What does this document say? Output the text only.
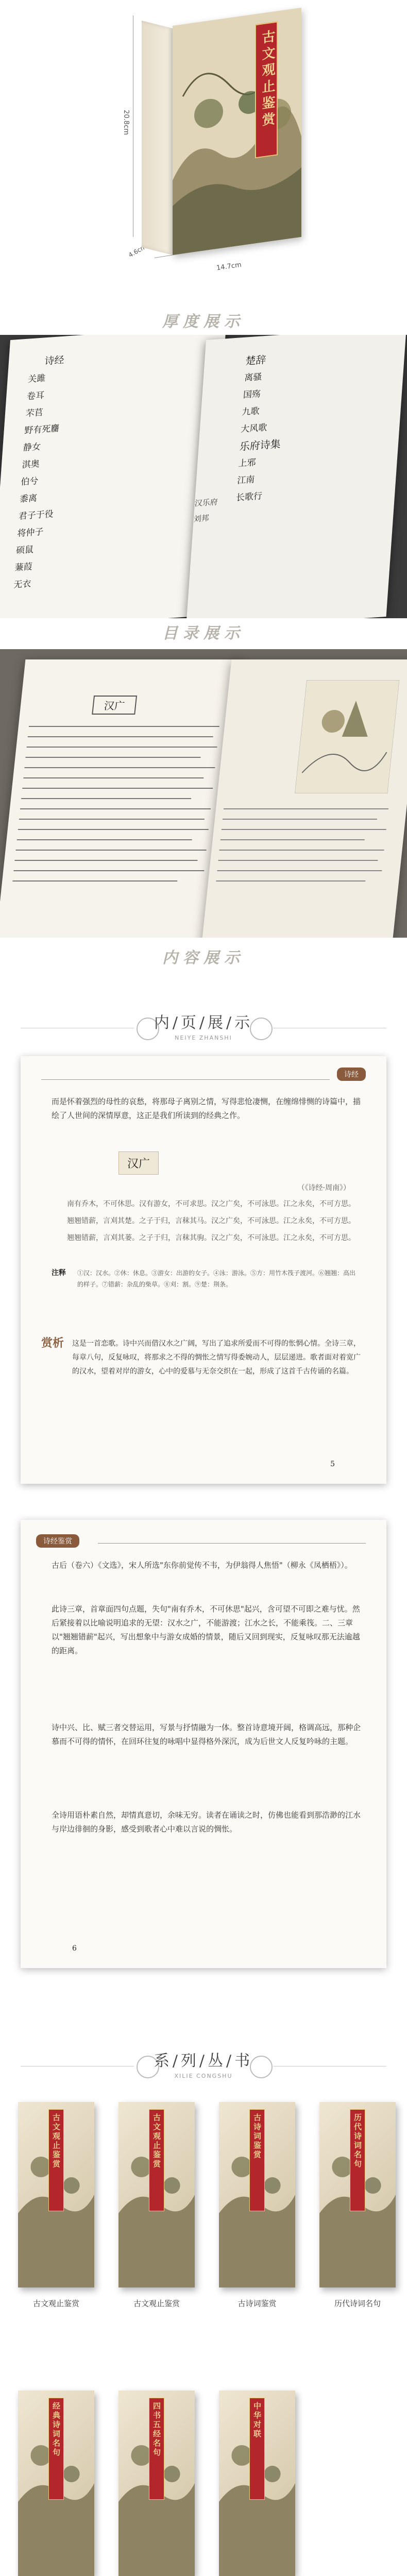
20.8cm
4.6cm
14.7cm
古文观止鉴赏
厚度展示
诗经
关雎
卷耳
芣苢
野有死麕
静女
淇奥
伯兮
黍离
君子于役
将仲子
硕鼠
蒹葭
无衣
楚辞
离骚
国殇
九歌
大风歌
乐府诗集
上邪
江南
长歌行
汉乐府
刘邦
目录展示
汉广
内容展示
内/页/展/示
NEIYE ZHANSHI
诗经
而是怀着强烈的母性的哀愁，将那母子离别之情，写得悲怆凄恻，在缠绵悱恻的诗篇中，描绘了人世间的深情厚意，这正是我们所读到的经典之作。
汉广
（《诗经·周南》）
南有乔木，不可休思。汉有游女，不可求思。汉之广矣，不可泳思。江之永矣，不可方思。
翘翘错薪，言刈其楚。之子于归，言秣其马。汉之广矣，不可泳思。江之永矣，不可方思。
翘翘错薪，言刈其蒌。之子于归，言秣其驹。汉之广矣，不可泳思。江之永矣，不可方思。
注释 ①汉：汉水。②休：休息。③游女：出游的女子。④泳：游泳。⑤方：用竹木筏子渡河。⑥翘翘：高出的样子。⑦错薪：杂乱的柴草。⑧刈：割。⑨楚：荆条。
赏析 这是一首恋歌。诗中兴而借汉水之广阔，写出了追求所爱而不可得的怅惘心情。全诗三章，每章八句，反复咏叹，将那求之不得的惆怅之情写得委婉动人，层层递进。歌者面对着宽广的汉水，望着对岸的游女，心中的爱慕与无奈交织在一起，形成了这首千古传诵的名篇。
5
诗经鉴赏
古后（卷六）《文选》，宋人所选"东你前觉传不韦，为伊翁得人焦悟"（柳永《凤栖梧》）。
此诗三章，首章面四句点题，失句"南有乔木，不可休思"起兴，含可望不可即之难与忧。然后紧接着以比喻说明追求的无望：汉水之广，不能游渡；江水之长，不能乘筏。二、三章以"翘翘错薪"起兴，写出想象中与游女成婚的情景，随后又回到现实，反复咏叹那无法逾越的距离。
诗中兴、比、赋三者交替运用，写景与抒情融为一体。整首诗意境开阔，格调高远，那种企慕而不可得的情怀，在回环往复的咏唱中显得格外深沉，成为后世文人反复吟咏的主题。
全诗用语朴素自然，却情真意切，余味无穷。读者在诵读之时，仿佛也能看到那浩渺的江水与岸边徘徊的身影，感受到歌者心中难以言说的惆怅。
6
系/列/丛/书
XILIE CONGSHU
古文观止鉴赏
古文观止鉴赏
古文观止鉴赏
古文观止鉴赏
古诗词鉴赏
古诗词鉴赏
历代诗词名句
历代诗词名句
经典诗词名句	四书五经名句	中华对联
